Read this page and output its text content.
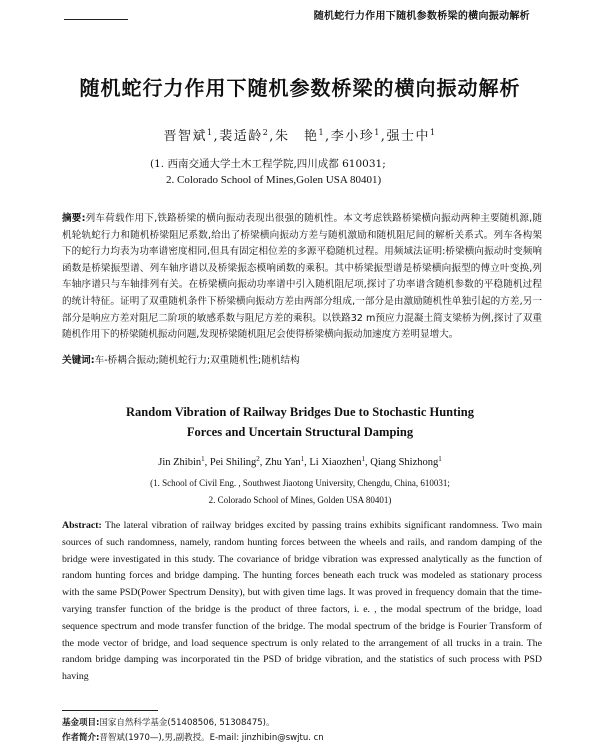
随机蛇行力作用下随机参数桥梁的横向振动解析
随机蛇行力作用下随机参数桥梁的横向振动解析
晋智斌$^1$,裴适龄$^2$,朱　艳$^1$,李小珍$^1$,强士中$^1$
(1. 西南交通大学土木工程学院,四川成都 610031;
2. Colorado School of Mines,Golen USA 80401)
摘要:列车荷载作用下,铁路桥梁的横向振动表现出很强的随机性。本文考虑铁路桥梁横向振动两种主要随机源,随机轮轨蛇行力和随机桥梁阻尼系数,给出了桥梁横向振动方差与随机激励和随机阻尼间的解析关系式。列车各构架下的蛇行力均表为功率谱密度相同,但具有固定相位差的多源平稳随机过程。用频域法证明:桥梁横向振动时变频响函数是桥梁振型谱、列车轴序谱以及桥梁振态模响函数的乘积。其中桥梁振型谱是桥梁横向振型的傅立叶变换,列车轴序谱只与车轴排列有关。在桥梁横向振动功率谱中引入随机阻尼项,探讨了功率谱含随机参数的平稳随机过程的统计特征。证明了双重随机条件下桥梁横向振动方差由两部分组成,一部分是由激励随机性单独引起的方差,另一部分是响应方差对阻尼二阶项的敏感系数与阻尼方差的乘积。以铁路32 m预应力混凝土简支梁桥为例,探讨了双重随机作用下的桥梁随机振动问题,发现桥梁随机阻尼会使得桥梁横向振动加速度方差明显增大。
关键词:车-桥耦合振动;随机蛇行力;双重随机性;随机结构
Random Vibration of Railway Bridges Due to Stochastic Hunting
Forces and Uncertain Structural Damping
Jin Zhibin$^1$, Pei Shiling$^2$, Zhu Yan$^1$, Li Xiaozhen$^1$, Qiang Shizhong$^1$
(1. School of Civil Eng. , Southwest Jiaotong University, Chengdu, China, 610031;
2. Colorado School of Mines, Golden USA 80401)
Abstract: The lateral vibration of railway bridges excited by passing trains exhibits significant randomness. Two main sources of such randomness, namely, random hunting forces between the wheels and rails, and random damping of the bridge were investigated in this study. The covariance of bridge vibration was expressed analytically as the function of random hunting forces and bridge damping. The hunting forces beneath each truck was modeled as stationary process with the same PSD(Power Spectrum Density), but with given time lags. It was proved in frequency domain that the time-varying transfer function of the bridge is the product of three factors, i. e. , the modal spectrum of the bridge, load sequence spectrum and mode transfer function of the bridge. The modal spectrum of the bridge is Fourier Transform of the mode vector of bridge, and load sequence spectrum is only related to the arrangement of all trucks in a train. The random bridge damping was incorporated tin the PSD of bridge vibration, and the statistics of such process with PSD having
基金项目:国家自然科学基金(51408506, 51308475)。
作者简介:晋智斌(1970—),男,副教授。E-mail: jinzhibin@swjtu. cn
